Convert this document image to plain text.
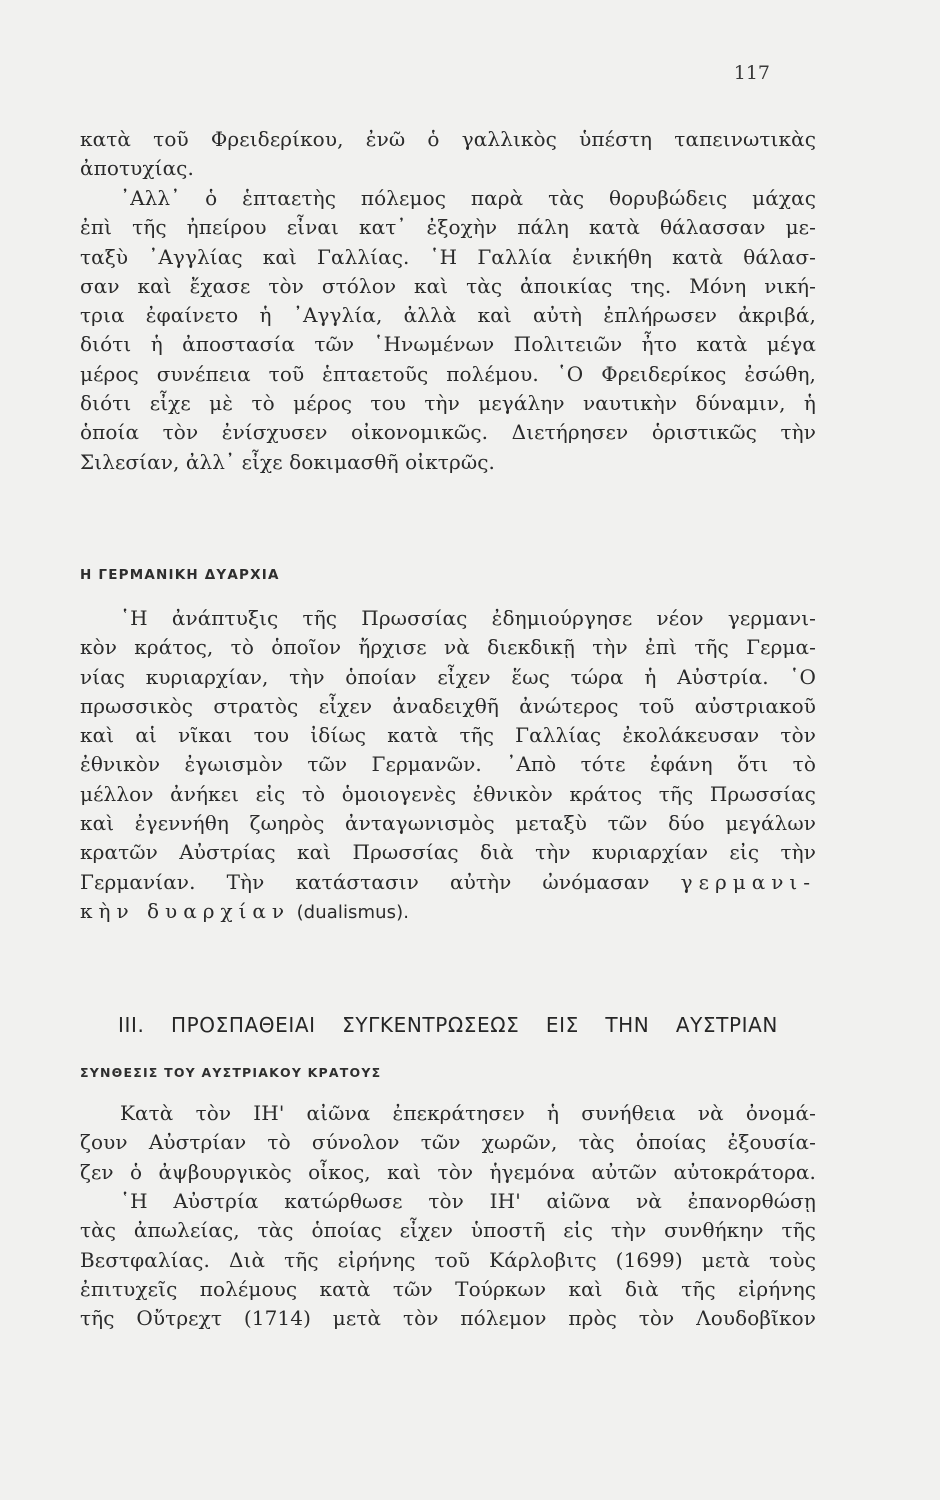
117
κατὰ τοῦ Φρειδερίκου, ἐνῶ ὁ γαλλικὸς ὑπέστη ταπεινωτικὰς
ἀποτυχίας.
᾿Αλλ᾿ ὁ ἑπταετὴς πόλεμος παρὰ τὰς θορυβώδεις μάχας
ἐπὶ τῆς ἠπείρου εἶναι κατ᾿ ἐξοχὴν πάλη κατὰ θάλασσαν με-
ταξὺ ᾿Αγγλίας καὶ Γαλλίας. ῾Η Γαλλία ἐνικήθη κατὰ θάλασ-
σαν καὶ ἔχασε τὸν στόλον καὶ τὰς ἀποικίας της. Μόνη νική-
τρια ἐφαίνετο ἡ ᾿Αγγλία, ἀλλὰ καὶ αὐτὴ ἐπλήρωσεν ἀκριβά,
διότι ἡ ἀποστασία τῶν ῾Ηνωμένων Πολιτειῶν ἦτο κατὰ μέγα
μέρος συνέπεια τοῦ ἑπταετοῦς πολέμου. ῾Ο Φρειδερίκος ἐσώθη,
διότι εἶχε μὲ τὸ μέρος του τὴν μεγάλην ναυτικὴν δύναμιν, ἡ
ὁποία τὸν ἐνίσχυσεν οἰκονομικῶς. Διετήρησεν ὁριστικῶς τὴν
Σιλεσίαν, ἀλλ᾿ εἶχε δοκιμασθῆ οἰκτρῶς.
Η ΓΕΡΜΑΝΙΚΗ ΔΥΑΡΧΙΑ
῾Η ἀνάπτυξις τῆς Πρωσσίας ἐδημιούργησε νέον γερμανι-
κὸν κράτος, τὸ ὁποῖον ἤρχισε νὰ διεκδικῇ τὴν ἐπὶ τῆς Γερμα-
νίας κυριαρχίαν, τὴν ὁποίαν εἶχεν ἕως τώρα ἡ Αὐστρία. ῾Ο
πρωσσικὸς στρατὸς εἶχεν ἀναδειχθῆ ἀνώτερος τοῦ αὐστριακοῦ
καὶ αἱ νῖκαι του ἰδίως κατὰ τῆς Γαλλίας ἐκολάκευσαν τὸν
ἐθνικὸν ἐγωισμὸν τῶν Γερμανῶν. ᾿Απὸ τότε ἐφάνη ὅτι τὸ
μέλλον ἀνήκει εἰς τὸ ὁμοιογενὲς ἐθνικὸν κράτος τῆς Πρωσσίας
καὶ ἐγεννήθη ζωηρὸς ἀνταγωνισμὸς μεταξὺ τῶν δύο μεγάλων
κρατῶν Αὐστρίας καὶ Πρωσσίας διὰ τὴν κυριαρχίαν εἰς τὴν
Γερμανίαν. Τὴν κατάστασιν αὐτὴν ὠνόμασαν γερμανι-
κὴν δυαρχίαν (dualismus).
ΙΙΙ. ΠΡΟΣΠΑΘΕΙΑΙ ΣΥΓΚΕΝΤΡΩΣΕΩΣ ΕΙΣ ΤΗΝ ΑΥΣΤΡΙΑΝ
ΣΥΝΘΕΣΙΣ ΤΟΥ ΑΥΣΤΡΙΑΚΟΥ ΚΡΑΤΟΥΣ
Κατὰ τὸν ΙΗ' αἰῶνα ἐπεκράτησεν ἡ συνήθεια νὰ ὀνομά-
ζουν Αὐστρίαν τὸ σύνολον τῶν χωρῶν, τὰς ὁποίας ἐξουσία-
ζεν ὁ ἀψβουργικὸς οἶκος, καὶ τὸν ἡγεμόνα αὐτῶν αὐτοκράτορα.
῾Η Αὐστρία κατώρθωσε τὸν ΙΗ' αἰῶνα νὰ ἐπανορθώσῃ
τὰς ἀπωλείας, τὰς ὁποίας εἶχεν ὑποστῆ εἰς τὴν συνθήκην τῆς
Βεστφαλίας. Διὰ τῆς εἰρήνης τοῦ Κάρλοβιτς (1699) μετὰ τοὺς
ἐπιτυχεῖς πολέμους κατὰ τῶν Τούρκων καὶ διὰ τῆς εἰρήνης
τῆς Οὔτρεχτ (1714) μετὰ τὸν πόλεμον πρὸς τὸν Λουδοβῖκον
